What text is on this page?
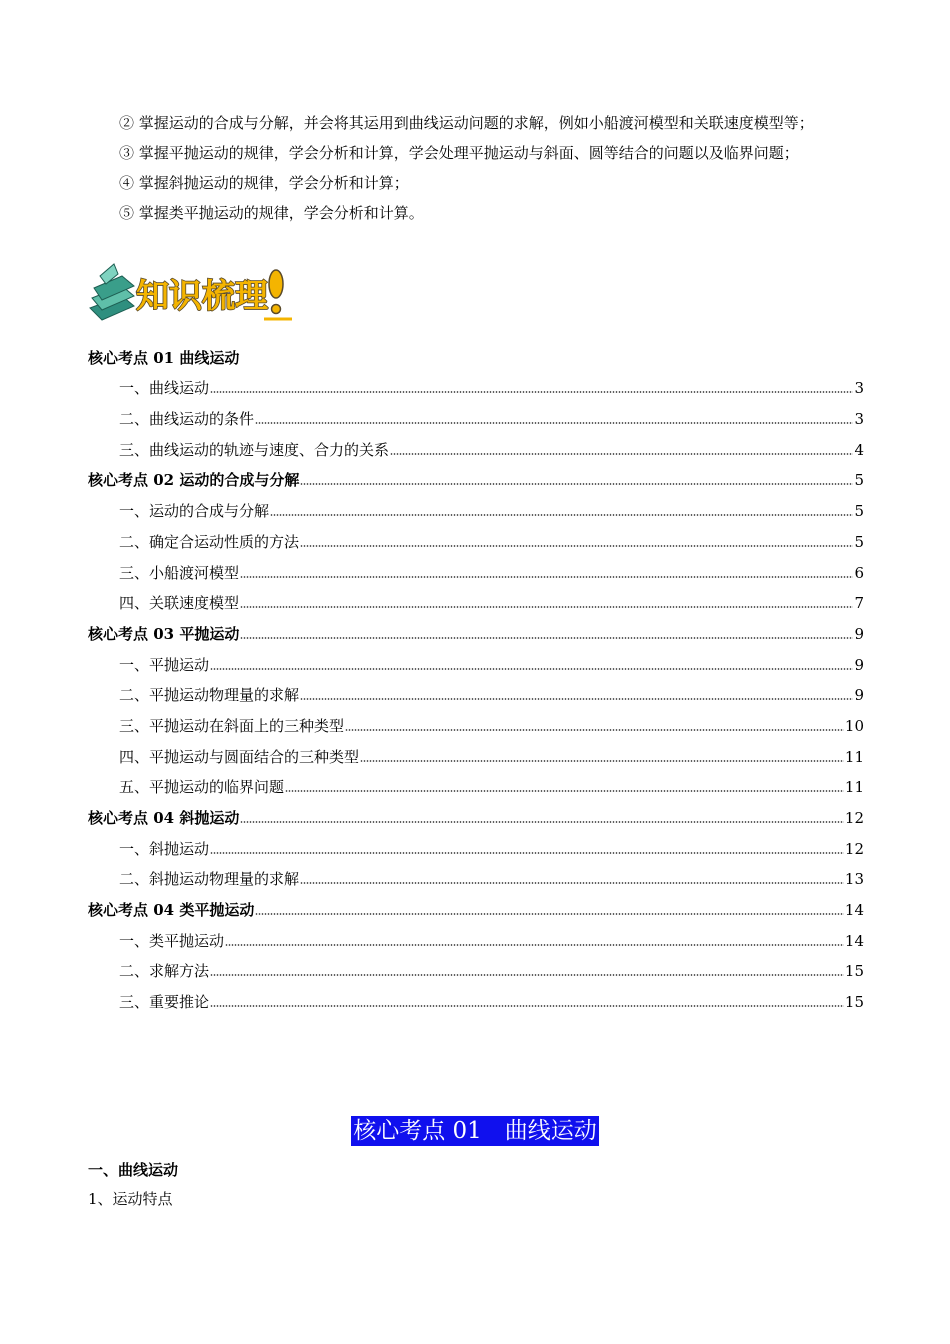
② 掌握运动的合成与分解，并会将其运用到曲线运动问题的求解，例如小船渡河模型和关联速度模型等；

③ 掌握平抛运动的规律，学会分析和计算，学会处理平抛运动与斜面、圆等结合的问题以及临界问题；

④ 掌握斜抛运动的规律，学会分析和计算；

⑤ 掌握类平抛运动的规律，学会分析和计算。

知识梳理
核心考点 01 曲线运动
一、曲线运动	3
二、曲线运动的条件	3
三、曲线运动的轨迹与速度、合力的关系	4
核心考点 02 运动的合成与分解	5
一、运动的合成与分解	5
二、确定合运动性质的方法	5
三、小船渡河模型	6
四、关联速度模型	7
核心考点 03 平抛运动	9
一、平抛运动	9
二、平抛运动物理量的求解	9
三、平抛运动在斜面上的三种类型	10
四、平抛运动与圆面结合的三种类型	11
五、平抛运动的临界问题	11
核心考点 04 斜抛运动	12
一、斜抛运动	12
二、斜抛运动物理量的求解	13
核心考点 04 类平抛运动	14
一、类平抛运动	14
二、求解方法	15
三、重要推论	15
核心考点 01　曲线运动
一、曲线运动
1、运动特点
